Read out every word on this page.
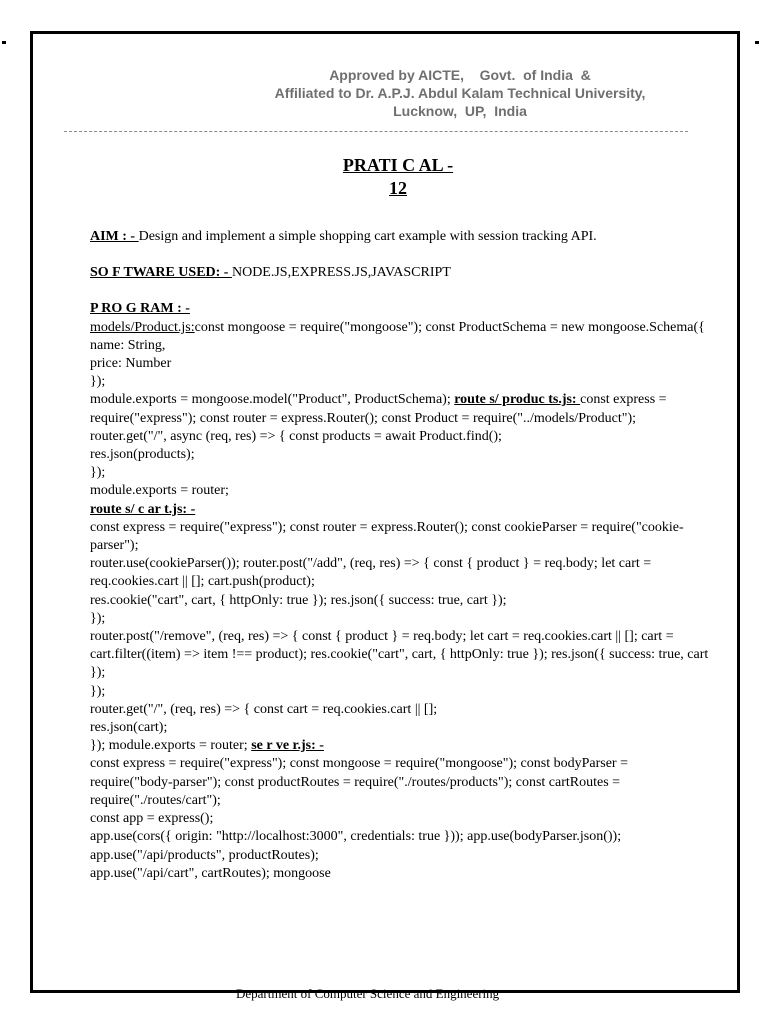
Approved by AICTE,    Govt.  of India  &
Affiliated to Dr. A.P.J. Abdul Kalam Technical University,
Lucknow,  UP,  India
PRATI C AL -
12

AIM : - Design and implement a simple shopping cart example with session tracking API.

SO F TWARE USED: - NODE.JS,EXPRESS.JS,JAVASCRIPT

P RO G RAM : -

models/Product.js:const mongoose = require("mongoose"); const ProductSchema = new mongoose.Schema({

name: String,

price: Number

});

module.exports = mongoose.model("Product", ProductSchema); route s/ produc ts.js: const express = require("express"); const router = express.Router(); const Product = require("../models/Product"); router.get("/", async (req, res) => { const products = await Product.find();

res.json(products);

});

module.exports = router;

route s/ c ar t.js: -

const express = require("express"); const router = express.Router(); const cookieParser = require("cookie-parser");

router.use(cookieParser()); router.post("/add", (req, res) => { const { product } = req.body; let cart = req.cookies.cart || []; cart.push(product);

res.cookie("cart", cart, { httpOnly: true }); res.json({ success: true, cart });

});

router.post("/remove", (req, res) => { const { product } = req.body; let cart = req.cookies.cart || []; cart = cart.filter((item) => item !== product); res.cookie("cart", cart, { httpOnly: true }); res.json({ success: true, cart });

});

router.get("/", (req, res) => { const cart = req.cookies.cart || [];

res.json(cart);

}); module.exports = router; se r ve r.js: -

const express = require("express"); const mongoose = require("mongoose"); const bodyParser = require("body-parser"); const productRoutes = require("./routes/products"); const cartRoutes = require("./routes/cart");

const app = express();

app.use(cors({ origin: "http://localhost:3000", credentials: true })); app.use(bodyParser.json());

app.use("/api/products", productRoutes);

app.use("/api/cart", cartRoutes); mongoose

Department of Computer Science and Engineering
